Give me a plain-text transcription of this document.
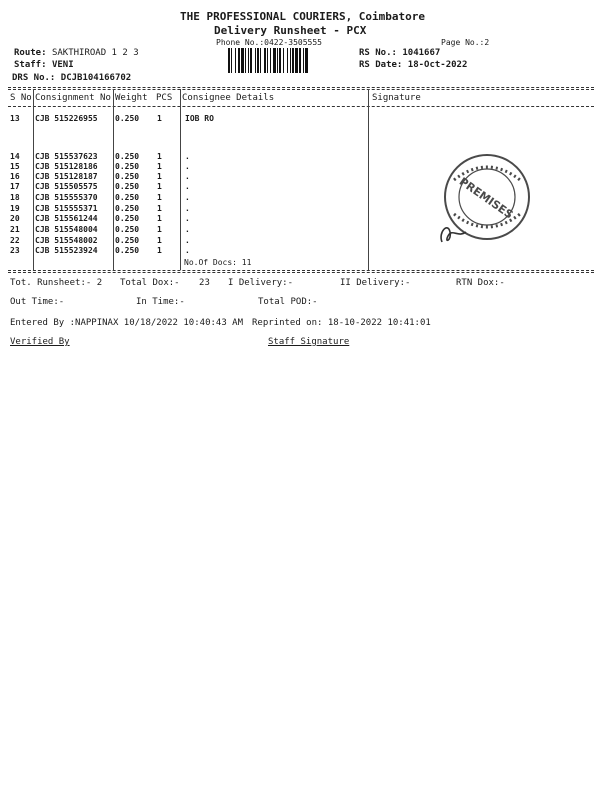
THE PROFESSIONAL COURIERS, Coimbatore
Delivery Runsheet - PCX
Phone No.:0422-3505555	Page No.:2
Route: SAKTHIROAD 1 2 3
Staff: VENI
DRS No.: DCJB104166702
RS No.: 1041667
RS Date: 18-Oct-2022
S No Consignment No Weight PCS Consignee Details	Signature
13 CJB 515226955 0.250 1	IOB RO
14 CJB 515537623 0.250 1	.
15 CJB 515128186 0.250 1	.
16 CJB 515128187 0.250 1	.
17 CJB 515505575 0.250 1	.
18 CJB 515555370 0.250 1	.
19 CJB 515555371 0.250 1	.
20 CJB 515561244 0.250 1	.
21 CJB 515548004 0.250 1	.
22 CJB 515548002 0.250 1	.
23 CJB 515523924 0.250 1	.
No.Of Docs: 11
PREMISES
Tot. Runsheet:- 2 Total Dox:- 23 I Delivery:-	II Delivery:-	RTN Dox:-
Out Time:-	In Time:-	Total POD:-
Entered By :NAPPINAX 10/18/2022 10:40:43 AM Reprinted on: 18-10-2022 10:41:01
Verified By	Staff Signature
